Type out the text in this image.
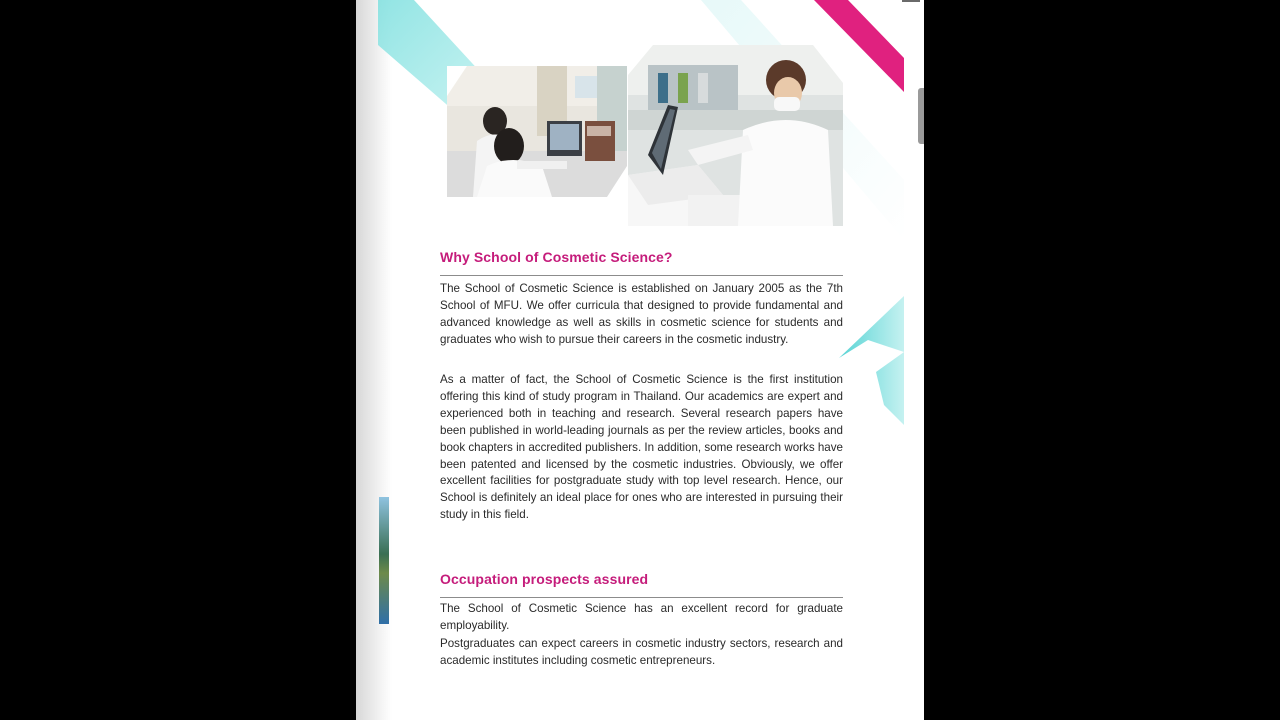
Why School of Cosmetic Science?

The School of Cosmetic Science is established on January 2005 as the 7th School of MFU. We offer curricula that designed to provide fundamental and advanced knowledge as well as skills in cosmetic science for students and graduates who wish to pursue their careers in the cosmetic industry.

As a matter of fact, the School of Cosmetic Science is the first institution offering this kind of study program in Thailand. Our academics are expert and experienced both in teaching and research. Several research papers have been published in world-leading journals as per the review articles, books and book chapters in accredited publishers. In addition, some research works have been patented and licensed by the cosmetic industries. Obviously, we offer excellent facilities for postgraduate study with top level research. Hence, our School is definitely an ideal place for ones who are interested in pursuing their study in this field.

Occupation prospects assured

The School of Cosmetic Science has an excellent record for graduate employability.

Postgraduates can expect careers in cosmetic industry sectors, research and academic institutes including cosmetic entrepreneurs.
